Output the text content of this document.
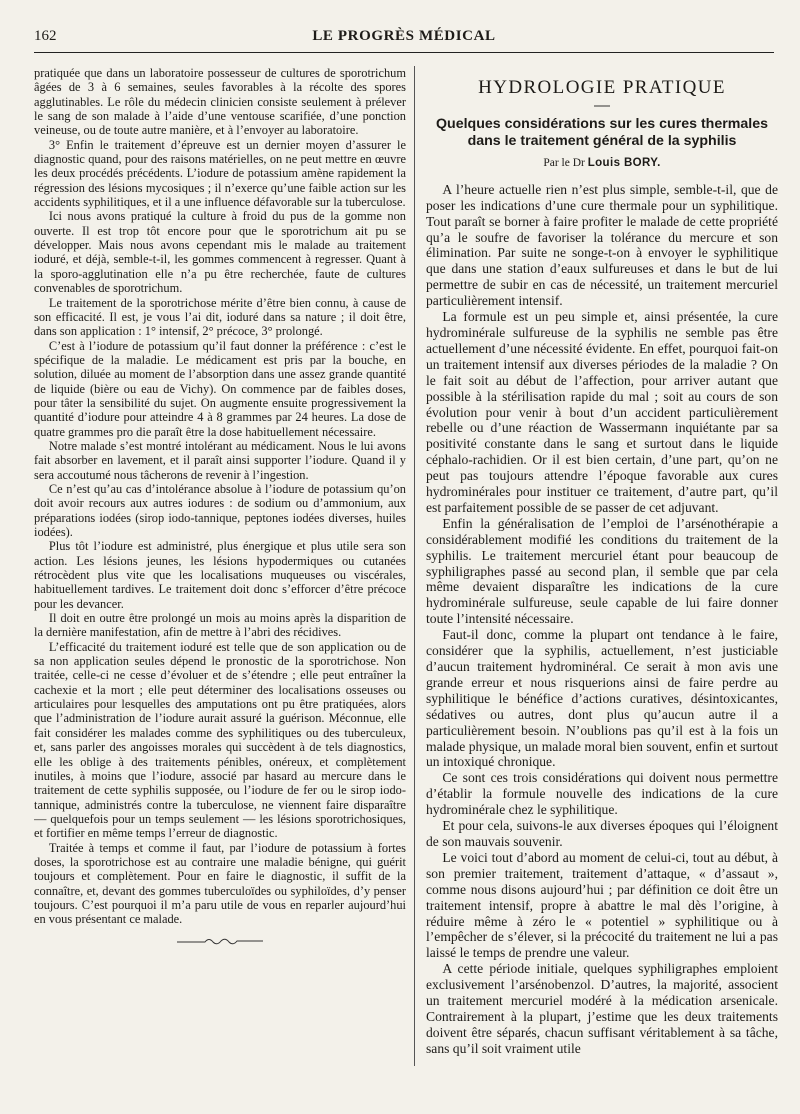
162	LE PROGRÈS MÉDICAL

pratiquée que dans un laboratoire possesseur de cultures de sporotrichum âgées de 3 à 6 semaines, seules favorables à la récolte des spores agglutinables. Le rôle du médecin clinicien consiste seulement à prélever le sang de son malade à l’aide d’une ventouse scarifiée, d’une ponction veineuse, ou de toute autre manière, et à l’envoyer au laboratoire.

3° Enfin le traitement d’épreuve est un dernier moyen d’assurer le diagnostic quand, pour des raisons matérielles, on ne peut mettre en œuvre les deux procédés précédents. L’iodure de potassium amène rapidement la régression des lésions mycosiques ; il n’exerce qu’une faible action sur les accidents syphilitiques, et il a une influence défavorable sur la tuberculose.

Ici nous avons pratiqué la culture à froid du pus de la gomme non ouverte. Il est trop tôt encore pour que le sporotrichum ait pu se développer. Mais nous avons cependant mis le malade au traitement ioduré, et déjà, semble-t-il, les gommes commencent à regresser. Quant à la sporo-agglutination elle n’a pu être recherchée, faute de cultures convenables de sporotrichum.

Le traitement de la sporotrichose mérite d’être bien connu, à cause de son efficacité. Il est, je vous l’ai dit, ioduré dans sa nature ; il doit être, dans son application : 1° intensif, 2° précoce, 3° prolongé.

C’est à l’iodure de potassium qu’il faut donner la préférence : c’est le spécifique de la maladie. Le médicament est pris par la bouche, en solution, diluée au moment de l’absorption dans une assez grande quantité de liquide (bière ou eau de Vichy). On commence par de faibles doses, pour tâter la sensibilité du sujet. On augmente ensuite progressivement la quantité d’iodure pour atteindre 4 à 8 grammes par 24 heures. La dose de quatre grammes pro die paraît être la dose habituellement nécessaire.

Notre malade s’est montré intolérant au médicament. Nous le lui avons fait absorber en lavement, et il paraît ainsi supporter l’iodure. Quand il y sera accoutumé nous tâcherons de revenir à l’ingestion.

Ce n’est qu’au cas d’intolérance absolue à l’iodure de potassium qu’on doit avoir recours aux autres iodures : de sodium ou d’ammonium, aux préparations iodées (sirop iodo-tannique, peptones iodées diverses, huiles iodées).

Plus tôt l’iodure est administré, plus énergique et plus utile sera son action. Les lésions jeunes, les lésions hypodermiques ou cutanées rétrocèdent plus vite que les localisations muqueuses ou viscérales, habituellement tardives. Le traitement doit donc s’efforcer d’être précoce pour les devancer.

Il doit en outre être prolongé un mois au moins après la disparition de la dernière manifestation, afin de mettre à l’abri des récidives.

L’efficacité du traitement ioduré est telle que de son application ou de sa non application seules dépend le pronostic de la sporotrichose. Non traitée, celle-ci ne cesse d’évoluer et de s’étendre ; elle peut entraîner la cachexie et la mort ; elle peut déterminer des localisations osseuses ou articulaires pour lesquelles des amputations ont pu être pratiquées, alors que l’administration de l’iodure aurait assuré la guérison. Méconnue, elle fait considérer les malades comme des syphilitiques ou des tuberculeux, et, sans parler des angoisses morales qui succèdent à de tels diagnostics, elle les oblige à des traitements pénibles, onéreux, et complètement inutiles, à moins que l’iodure, associé par hasard au mercure dans le traitement de cette syphilis supposée, ou l’iodure de fer ou le sirop iodo-tannique, administrés contre la tuberculose, ne viennent faire disparaître — quelquefois pour un temps seulement — les lésions sporotrichosiques, et fortifier en même temps l’erreur de diagnostic.

Traitée à temps et comme il faut, par l’iodure de potassium à fortes doses, la sporotrichose est au contraire une maladie bénigne, qui guérit toujours et complètement. Pour en faire le diagnostic, il suffit de la connaître, et, devant des gommes tuberculoïdes ou syphiloïdes, d’y penser toujours. C’est pourquoi il m’a paru utile de vous en reparler aujourd’hui en vous présentant ce malade.

HYDROLOGIE PRATIQUE
Quelques considérations sur les cures thermales dans le traitement général de la syphilis
Par le Dr Louis BORY.

A l’heure actuelle rien n’est plus simple, semble-t-il, que de poser les indications d’une cure thermale pour un syphilitique. Tout paraît se borner à faire profiter le malade de cette propriété qu’a le soufre de favoriser la tolérance du mercure et son élimination. Par suite ne songe-t-on à envoyer le syphilitique que dans une station d’eaux sulfureuses et dans le but de lui permettre de subir en cas de nécessité, un traitement mercuriel particulièrement intensif.

La formule est un peu simple et, ainsi présentée, la cure hydrominérale sulfureuse de la syphilis ne semble pas être actuellement d’une nécessité évidente. En effet, pourquoi fait-on un traitement intensif aux diverses périodes de la maladie ? On le fait soit au début de l’affection, pour arriver autant que possible à la stérilisation rapide du mal ; soit au cours de son évolution pour venir à bout d’un accident particulièrement rebelle ou d’une réaction de Wassermann inquiétante par sa positivité constante dans le sang et surtout dans le liquide céphalo-rachidien. Or il est bien certain, d’une part, qu’on ne peut pas toujours attendre l’époque favorable aux cures hydrominérales pour instituer ce traitement, d’autre part, qu’il est parfaitement possible de se passer de cet adjuvant.

Enfin la généralisation de l’emploi de l’arsénothérapie a considérablement modifié les conditions du traitement de la syphilis. Le traitement mercuriel étant pour beaucoup de syphiligraphes passé au second plan, il semble que par cela même devaient disparaître les indications de la cure hydrominérale sulfureuse, seule capable de lui faire donner toute l’intensité nécessaire.

Faut-il donc, comme la plupart ont tendance à le faire, considérer que la syphilis, actuellement, n’est justiciable d’aucun traitement hydrominéral. Ce serait à mon avis une grande erreur et nous risquerions ainsi de faire perdre au syphilitique le bénéfice d’actions curatives, désintoxicantes, sédatives ou autres, dont plus qu’aucun autre il a particulièrement besoin. N’oublions pas qu’il est à la fois un malade physique, un malade moral bien souvent, enfin et surtout un intoxiqué chronique.

Ce sont ces trois considérations qui doivent nous permettre d’établir la formule nouvelle des indications de la cure hydrominérale chez le syphilitique.

Et pour cela, suivons-le aux diverses époques qui l’éloignent de son mauvais souvenir.

Le voici tout d’abord au moment de celui-ci, tout au début, à son premier traitement, traitement d’attaque, « d’assaut », comme nous disons aujourd’hui ; par définition ce doit être un traitement intensif, propre à abattre le mal dès l’origine, à réduire même à zéro le « potentiel » syphilitique ou à l’empêcher de s’élever, si la précocité du traitement ne lui a pas laissé le temps de prendre une valeur.

A cette période initiale, quelques syphiligraphes emploient exclusivement l’arsénobenzol. D’autres, la majorité, associent un traitement mercuriel modéré à la médication arsenicale. Contrairement à la plupart, j’estime que les deux traitements doivent être séparés, chacun suffisant véritablement à sa tâche, sans qu’il soit vraiment utile
